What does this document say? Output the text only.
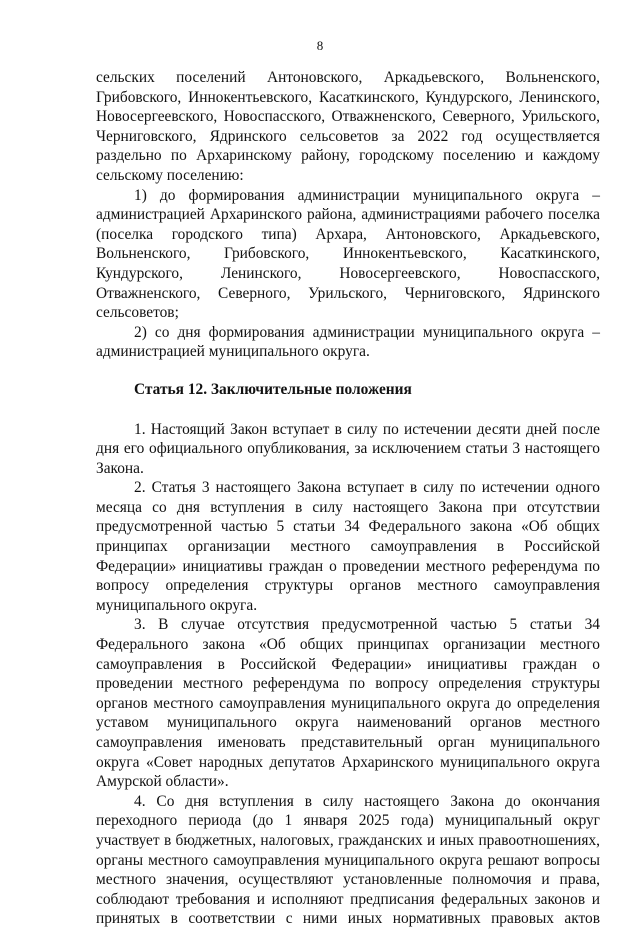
8

сельских поселений Антоновского, Аркадьевского, Вольненского, Грибовского, Иннокентьевского, Касаткинского, Кундурского, Ленинского, Новосергеевского, Новоспасского, Отважненского, Северного, Урильского, Черниговского, Ядринского сельсоветов за 2022 год осуществляется раздельно по Архаринскому району, городскому поселению и каждому сельскому поселению:

1) до формирования администрации муниципального округа – администрацией Архаринского района, администрациями рабочего поселка (поселка городского типа) Архара, Антоновского, Аркадьевского, Вольненского, Грибовского, Иннокентьевского, Касаткинского, Кундурского, Ленинского, Новосергеевского, Новоспасского, Отважненского, Северного, Урильского, Черниговского, Ядринского сельсоветов;

2) со дня формирования администрации муниципального округа – администрацией муниципального округа.

Статья 12. Заключительные положения

1. Настоящий Закон вступает в силу по истечении десяти дней после дня его официального опубликования, за исключением статьи 3 настоящего Закона.

2. Статья 3 настоящего Закона вступает в силу по истечении одного месяца со дня вступления в силу настоящего Закона при отсутствии предусмотренной частью 5 статьи 34 Федерального закона «Об общих принципах организации местного самоуправления в Российской Федерации» инициативы граждан о проведении местного референдума по вопросу определения структуры органов местного самоуправления муниципального округа.

3. В случае отсутствия предусмотренной частью 5 статьи 34 Федерального закона «Об общих принципах организации местного самоуправления в Российской Федерации» инициативы граждан о проведении местного референдума по вопросу определения структуры органов местного самоуправления муниципального округа до определения уставом муниципального округа наименований органов местного самоуправления именовать представительный орган муниципального округа «Совет народных депутатов Архаринского муниципального округа Амурской области».

4. Со дня вступления в силу настоящего Закона до окончания переходного периода (до 1 января 2025 года) муниципальный округ участвует в бюджетных, налоговых, гражданских и иных правоотношениях, органы местного самоуправления муниципального округа решают вопросы местного значения, осуществляют установленные полномочия и права, соблюдают требования и исполняют предписания федеральных законов и принятых в соответствии с ними иных нормативных правовых актов
